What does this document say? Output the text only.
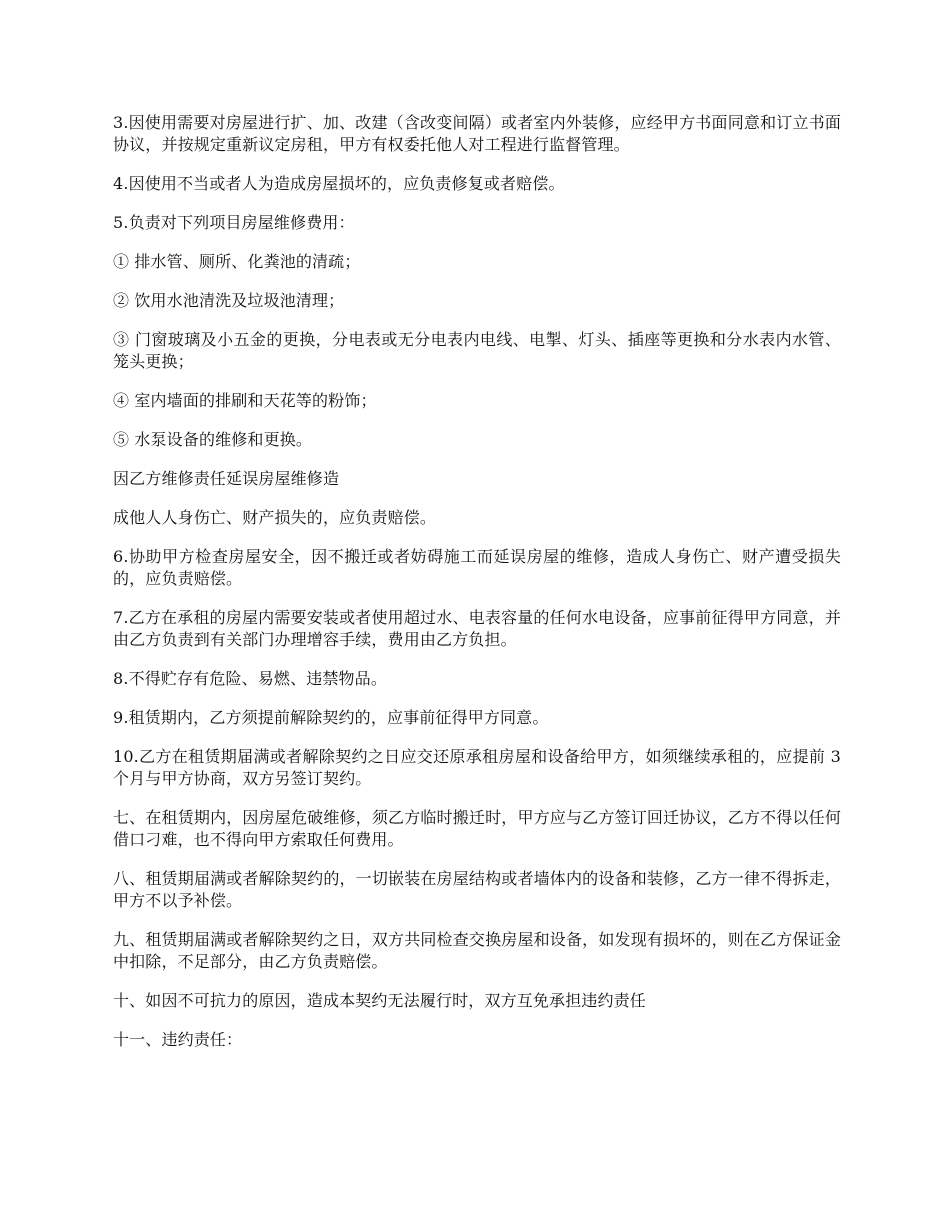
3.因使用需要对房屋进行扩、加、改建（含改变间隔）或者室内外装修，应经甲方书面同意和订立书面协议，并按规定重新议定房租，甲方有权委托他人对工程进行监督管理。

4.因使用不当或者人为造成房屋损坏的，应负责修复或者赔偿。

5.负责对下列项目房屋维修费用：

① 排水管、厕所、化粪池的清疏；

② 饮用水池清洗及垃圾池清理；

③ 门窗玻璃及小五金的更换，分电表或无分电表内电线、电掣、灯头、插座等更换和分水表内水管、笼头更换；

④ 室内墙面的排刷和天花等的粉饰；

⑤ 水泵设备的维修和更换。

因乙方维修责任延误房屋维修造

成他人人身伤亡、财产损失的，应负责赔偿。

6.协助甲方检查房屋安全，因不搬迁或者妨碍施工而延误房屋的维修，造成人身伤亡、财产遭受损失的，应负责赔偿。

7.乙方在承租的房屋内需要安装或者使用超过水、电表容量的任何水电设备，应事前征得甲方同意，并由乙方负责到有关部门办理增容手续，费用由乙方负担。

8.不得贮存有危险、易燃、违禁物品。

9.租赁期内，乙方须提前解除契约的，应事前征得甲方同意。

10.乙方在租赁期届满或者解除契约之日应交还原承租房屋和设备给甲方，如须继续承租的，应提前 3 个月与甲方协商，双方另签订契约。

七、在租赁期内，因房屋危破维修，须乙方临时搬迁时，甲方应与乙方签订回迁协议，乙方不得以任何借口刁难，也不得向甲方索取任何费用。

八、租赁期届满或者解除契约的，一切嵌装在房屋结构或者墙体内的设备和装修，乙方一律不得拆走，甲方不以予补偿。

九、租赁期届满或者解除契约之日，双方共同检查交换房屋和设备，如发现有损坏的，则在乙方保证金中扣除，不足部分，由乙方负责赔偿。

十、如因不可抗力的原因，造成本契约无法履行时，双方互免承担违约责任

十一、违约责任：
